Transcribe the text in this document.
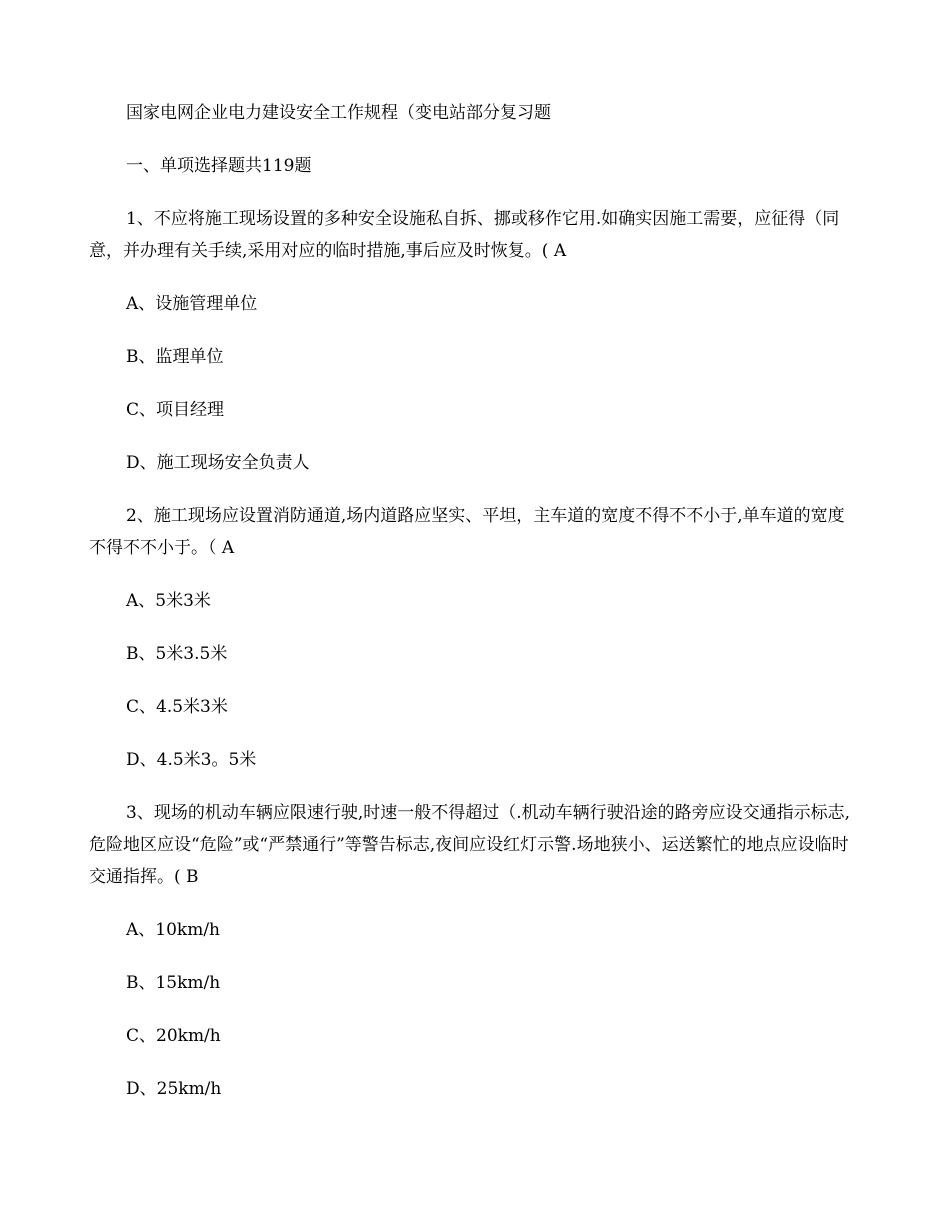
国家电网企业电力建设安全工作规程（变电站部分复习题

一、单项选择题共119题

1、不应将施工现场设置的多种安全设施私自拆、挪或移作它用.如确实因施工需要，应征得（同意，并办理有关手续,采用对应的临时措施,事后应及时恢复。( A

A、设施管理单位

B、监理单位

C、项目经理

D、施工现场安全负责人

2、施工现场应设置消防通道,场内道路应坚实、平坦，主车道的宽度不得不不小于,单车道的宽度不得不不小于。（ A

A、5米3米

B、5米3.5米

C、4.5米3米

D、4.5米3。5米

3、现场的机动车辆应限速行驶,时速一般不得超过（.机动车辆行驶沿途的路旁应设交通指示标志,危险地区应设“危险”或“严禁通行”等警告标志,夜间应设红灯示警.场地狭小、运送繁忙的地点应设临时交通指挥。( B

A、10km/h

B、15km/h

C、20km/h

D、25km/h
